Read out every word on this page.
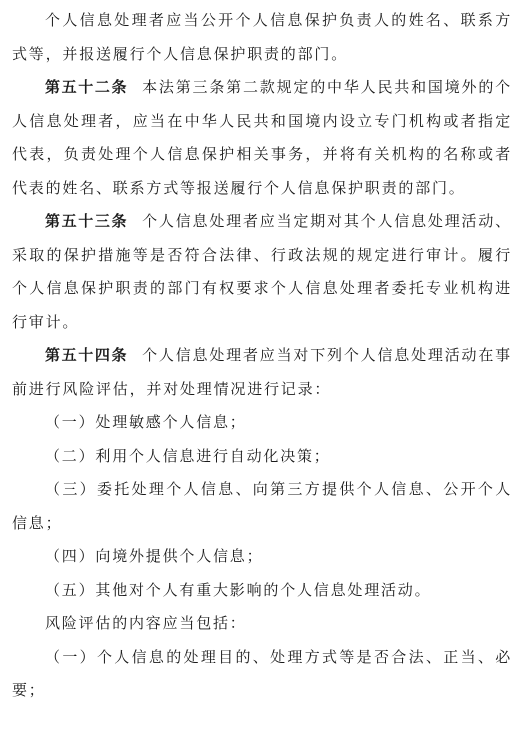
个人信息处理者应当公开个人信息保护负责人的姓名、联系方式等，并报送履行个人信息保护职责的部门。

第五十二条 本法第三条第二款规定的中华人民共和国境外的个人信息处理者，应当在中华人民共和国境内设立专门机构或者指定代表，负责处理个人信息保护相关事务，并将有关机构的名称或者代表的姓名、联系方式等报送履行个人信息保护职责的部门。

第五十三条 个人信息处理者应当定期对其个人信息处理活动、采取的保护措施等是否符合法律、行政法规的规定进行审计。履行个人信息保护职责的部门有权要求个人信息处理者委托专业机构进行审计。

第五十四条 个人信息处理者应当对下列个人信息处理活动在事前进行风险评估，并对处理情况进行记录：

（一）处理敏感个人信息；

（二）利用个人信息进行自动化决策；

（三）委托处理个人信息、向第三方提供个人信息、公开个人信息；

（四）向境外提供个人信息；

（五）其他对个人有重大影响的个人信息处理活动。

风险评估的内容应当包括：

（一）个人信息的处理目的、处理方式等是否合法、正当、必要；
